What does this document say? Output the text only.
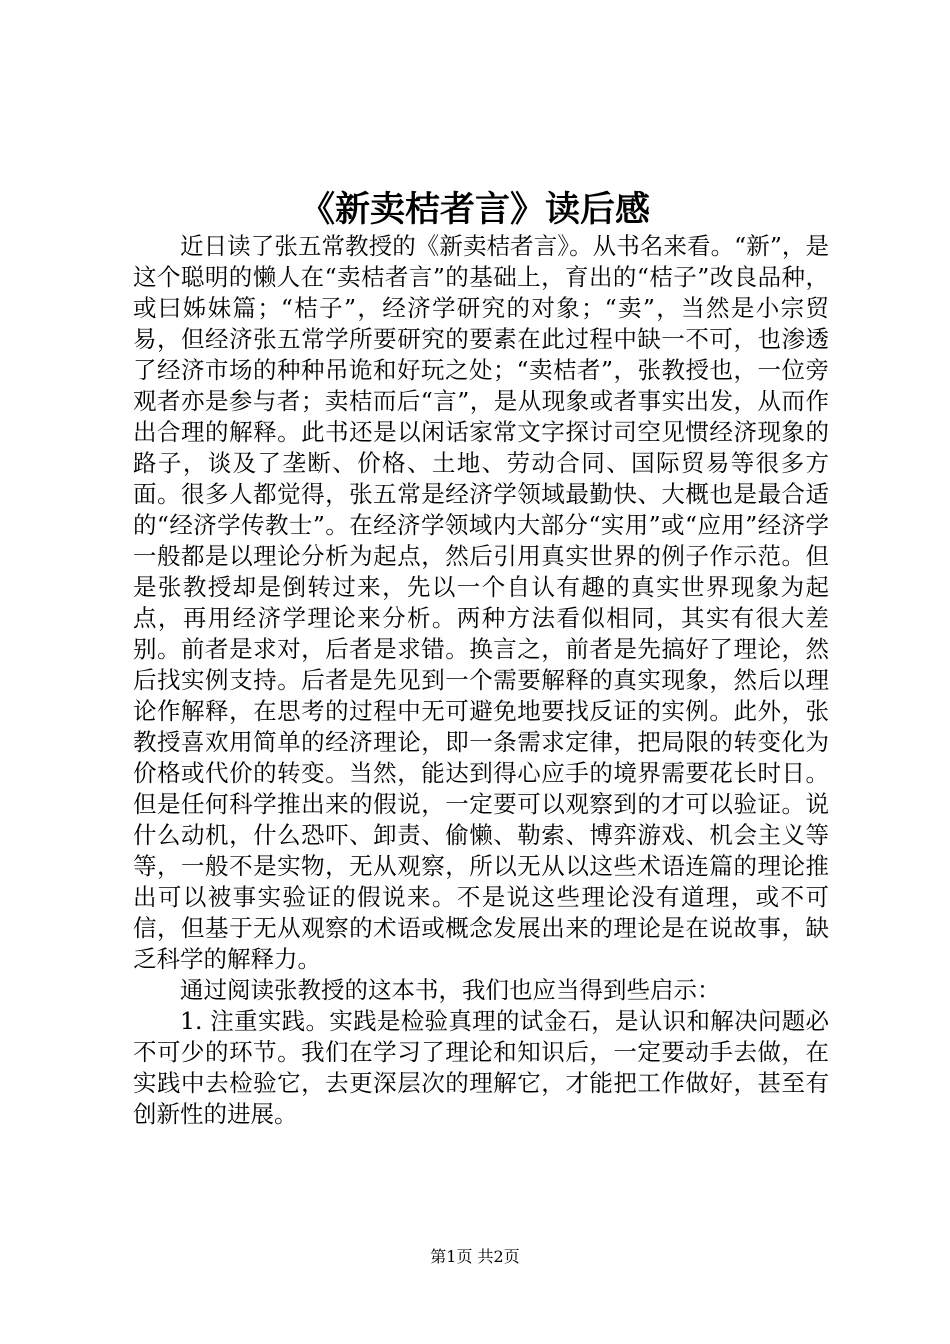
《新卖桔者言》读后感

近日读了张五常教授的《新卖桔者言》。从书名来看。“新”，是这个聪明的懒人在“卖桔者言”的基础上，育出的“桔子”改良品种，或曰姊妹篇；“桔子”，经济学研究的对象；“卖”，当然是小宗贸易，但经济张五常学所要研究的要素在此过程中缺一不可，也渗透了经济市场的种种吊诡和好玩之处；“卖桔者”，张教授也，一位旁观者亦是参与者；卖桔而后“言”，是从现象或者事实出发，从而作出合理的解释。此书还是以闲话家常文字探讨司空见惯经济现象的路子，谈及了垄断、价格、土地、劳动合同、国际贸易等很多方面。很多人都觉得，张五常是经济学领域最勤快、大概也是最合适的“经济学传教士”。在经济学领域内大部分“实用”或“应用”经济学一般都是以理论分析为起点，然后引用真实世界的例子作示范。但是张教授却是倒转过来，先以一个自认有趣的真实世界现象为起点，再用经济学理论来分析。两种方法看似相同，其实有很大差别。前者是求对，后者是求错。换言之，前者是先搞好了理论，然后找实例支持。后者是先见到一个需要解释的真实现象，然后以理论作解释，在思考的过程中无可避免地要找反证的实例。此外，张教授喜欢用简单的经济理论，即一条需求定律，把局限的转变化为价格或代价的转变。当然，能达到得心应手的境界需要花长时日。但是任何科学推出来的假说，一定要可以观察到的才可以验证。说什么动机，什么恐吓、卸责、偷懒、勒索、博弈游戏、机会主义等等，一般不是实物，无从观察，所以无从以这些术语连篇的理论推出可以被事实验证的假说来。不是说这些理论没有道理，或不可信，但基于无从观察的术语或概念发展出来的理论是在说故事，缺乏科学的解释力。

通过阅读张教授的这本书，我们也应当得到些启示：

1. 注重实践。实践是检验真理的试金石，是认识和解决问题必不可少的环节。我们在学习了理论和知识后，一定要动手去做，在实践中去检验它，去更深层次的理解它，才能把工作做好，甚至有创新性的进展。

第1页 共2页
